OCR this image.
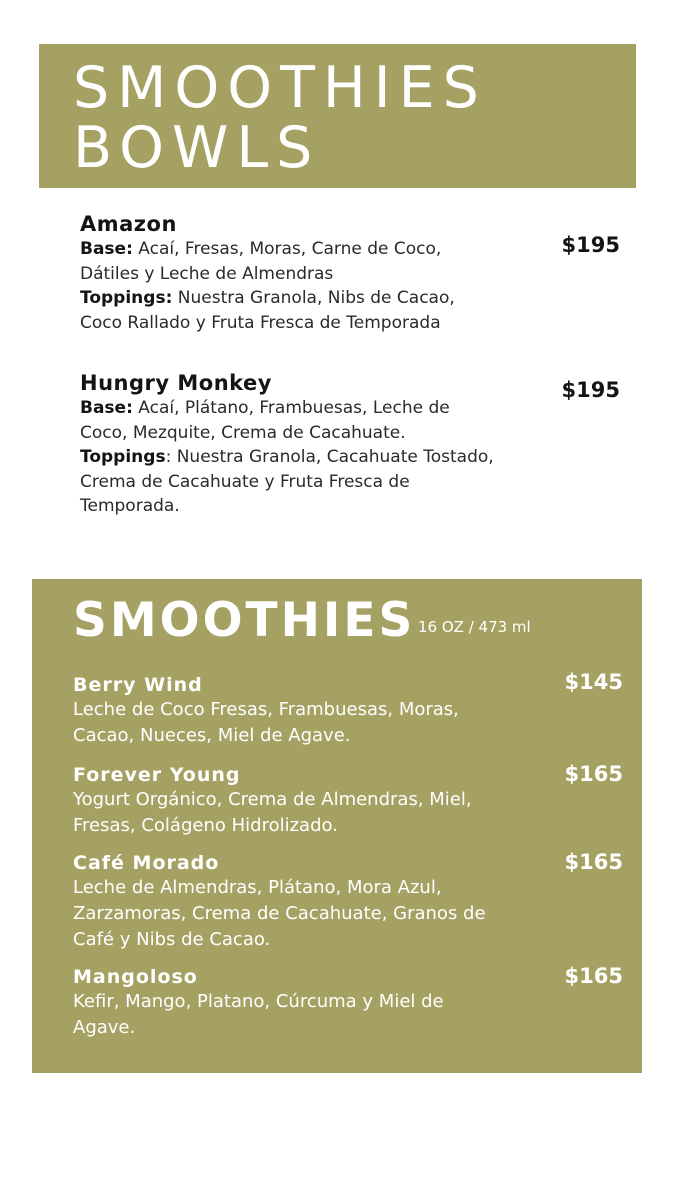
SMOOTHIES
BOWLS
Amazon
Base: Acaí, Fresas, Moras, Carne de Coco,
Dátiles y Leche de Almendras
Toppings: Nuestra Granola, Nibs de Cacao,
Coco Rallado y Fruta Fresca de Temporada
$195
Hungry Monkey
Base: Acaí, Plátano, Frambuesas, Leche de
Coco, Mezquite, Crema de Cacahuate.
Toppings: Nuestra Granola, Cacahuate Tostado,
Crema de Cacahuate y Fruta Fresca de
Temporada.
$195
SMOOTHIES 16 OZ / 473 ml
Berry Wind
Leche de Coco Fresas, Frambuesas, Moras,
Cacao, Nueces, Miel de Agave.
$145
Forever Young
Yogurt Orgánico, Crema de Almendras, Miel,
Fresas, Colágeno Hidrolizado.
$165
Café Morado
Leche de Almendras, Plátano, Mora Azul,
Zarzamoras, Crema de Cacahuate, Granos de
Café y Nibs de Cacao.
$165
Mangoloso
Kefir, Mango, Platano, Cúrcuma y Miel de
Agave.
$165
